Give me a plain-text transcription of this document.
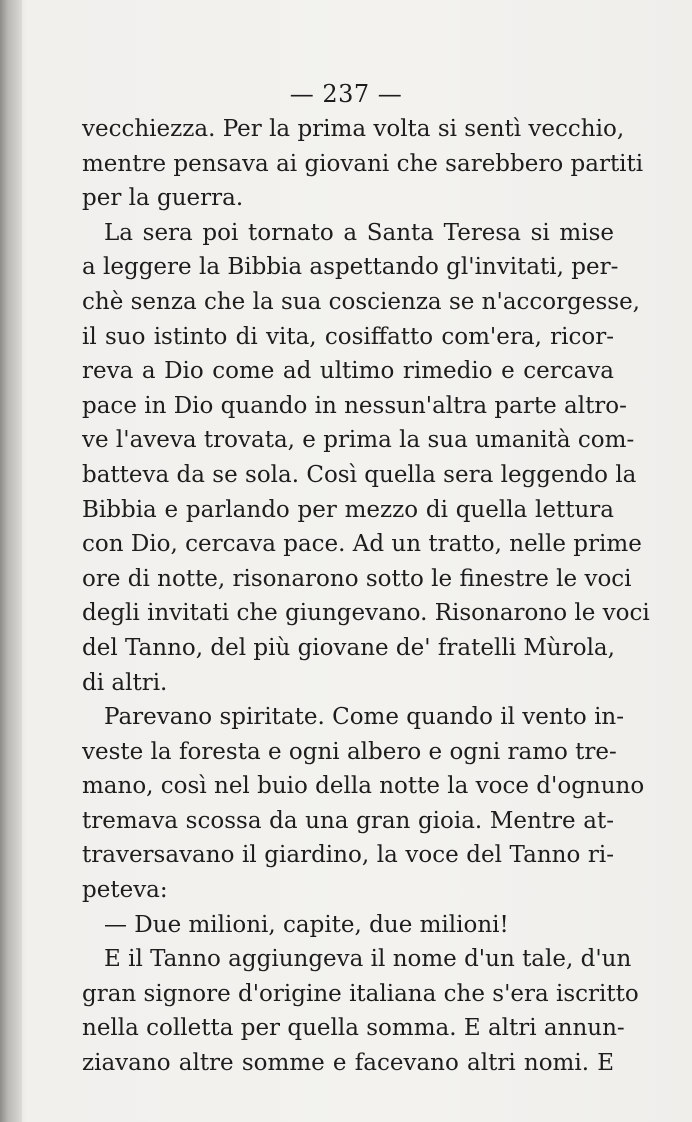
— 237 —
vecchiezza. Per la prima volta si sentì vecchio,
mentre pensava ai giovani che sarebbero partiti
per la guerra.
La sera poi tornato a Santa Teresa si mise
a leggere la Bibbia aspettando gl'invitati, per-
chè senza che la sua coscienza se n'accorgesse,
il suo istinto di vita, cosiffatto com'era, ricor-
reva a Dio come ad ultimo rimedio e cercava
pace in Dio quando in nessun'altra parte altro-
ve l'aveva trovata, e prima la sua umanità com-
batteva da se sola. Così quella sera leggendo la
Bibbia e parlando per mezzo di quella lettura
con Dio, cercava pace. Ad un tratto, nelle prime
ore di notte, risonarono sotto le finestre le voci
degli invitati che giungevano. Risonarono le voci
del Tanno, del più giovane de' fratelli Mùrola,
di altri.
Parevano spiritate. Come quando il vento in-
veste la foresta e ogni albero e ogni ramo tre-
mano, così nel buio della notte la voce d'ognuno
tremava scossa da una gran gioia. Mentre at-
traversavano il giardino, la voce del Tanno ri-
peteva:
— Due milioni, capite, due milioni!
E il Tanno aggiungeva il nome d'un tale, d'un
gran signore d'origine italiana che s'era iscritto
nella colletta per quella somma. E altri annun-
ziavano altre somme e facevano altri nomi. E
